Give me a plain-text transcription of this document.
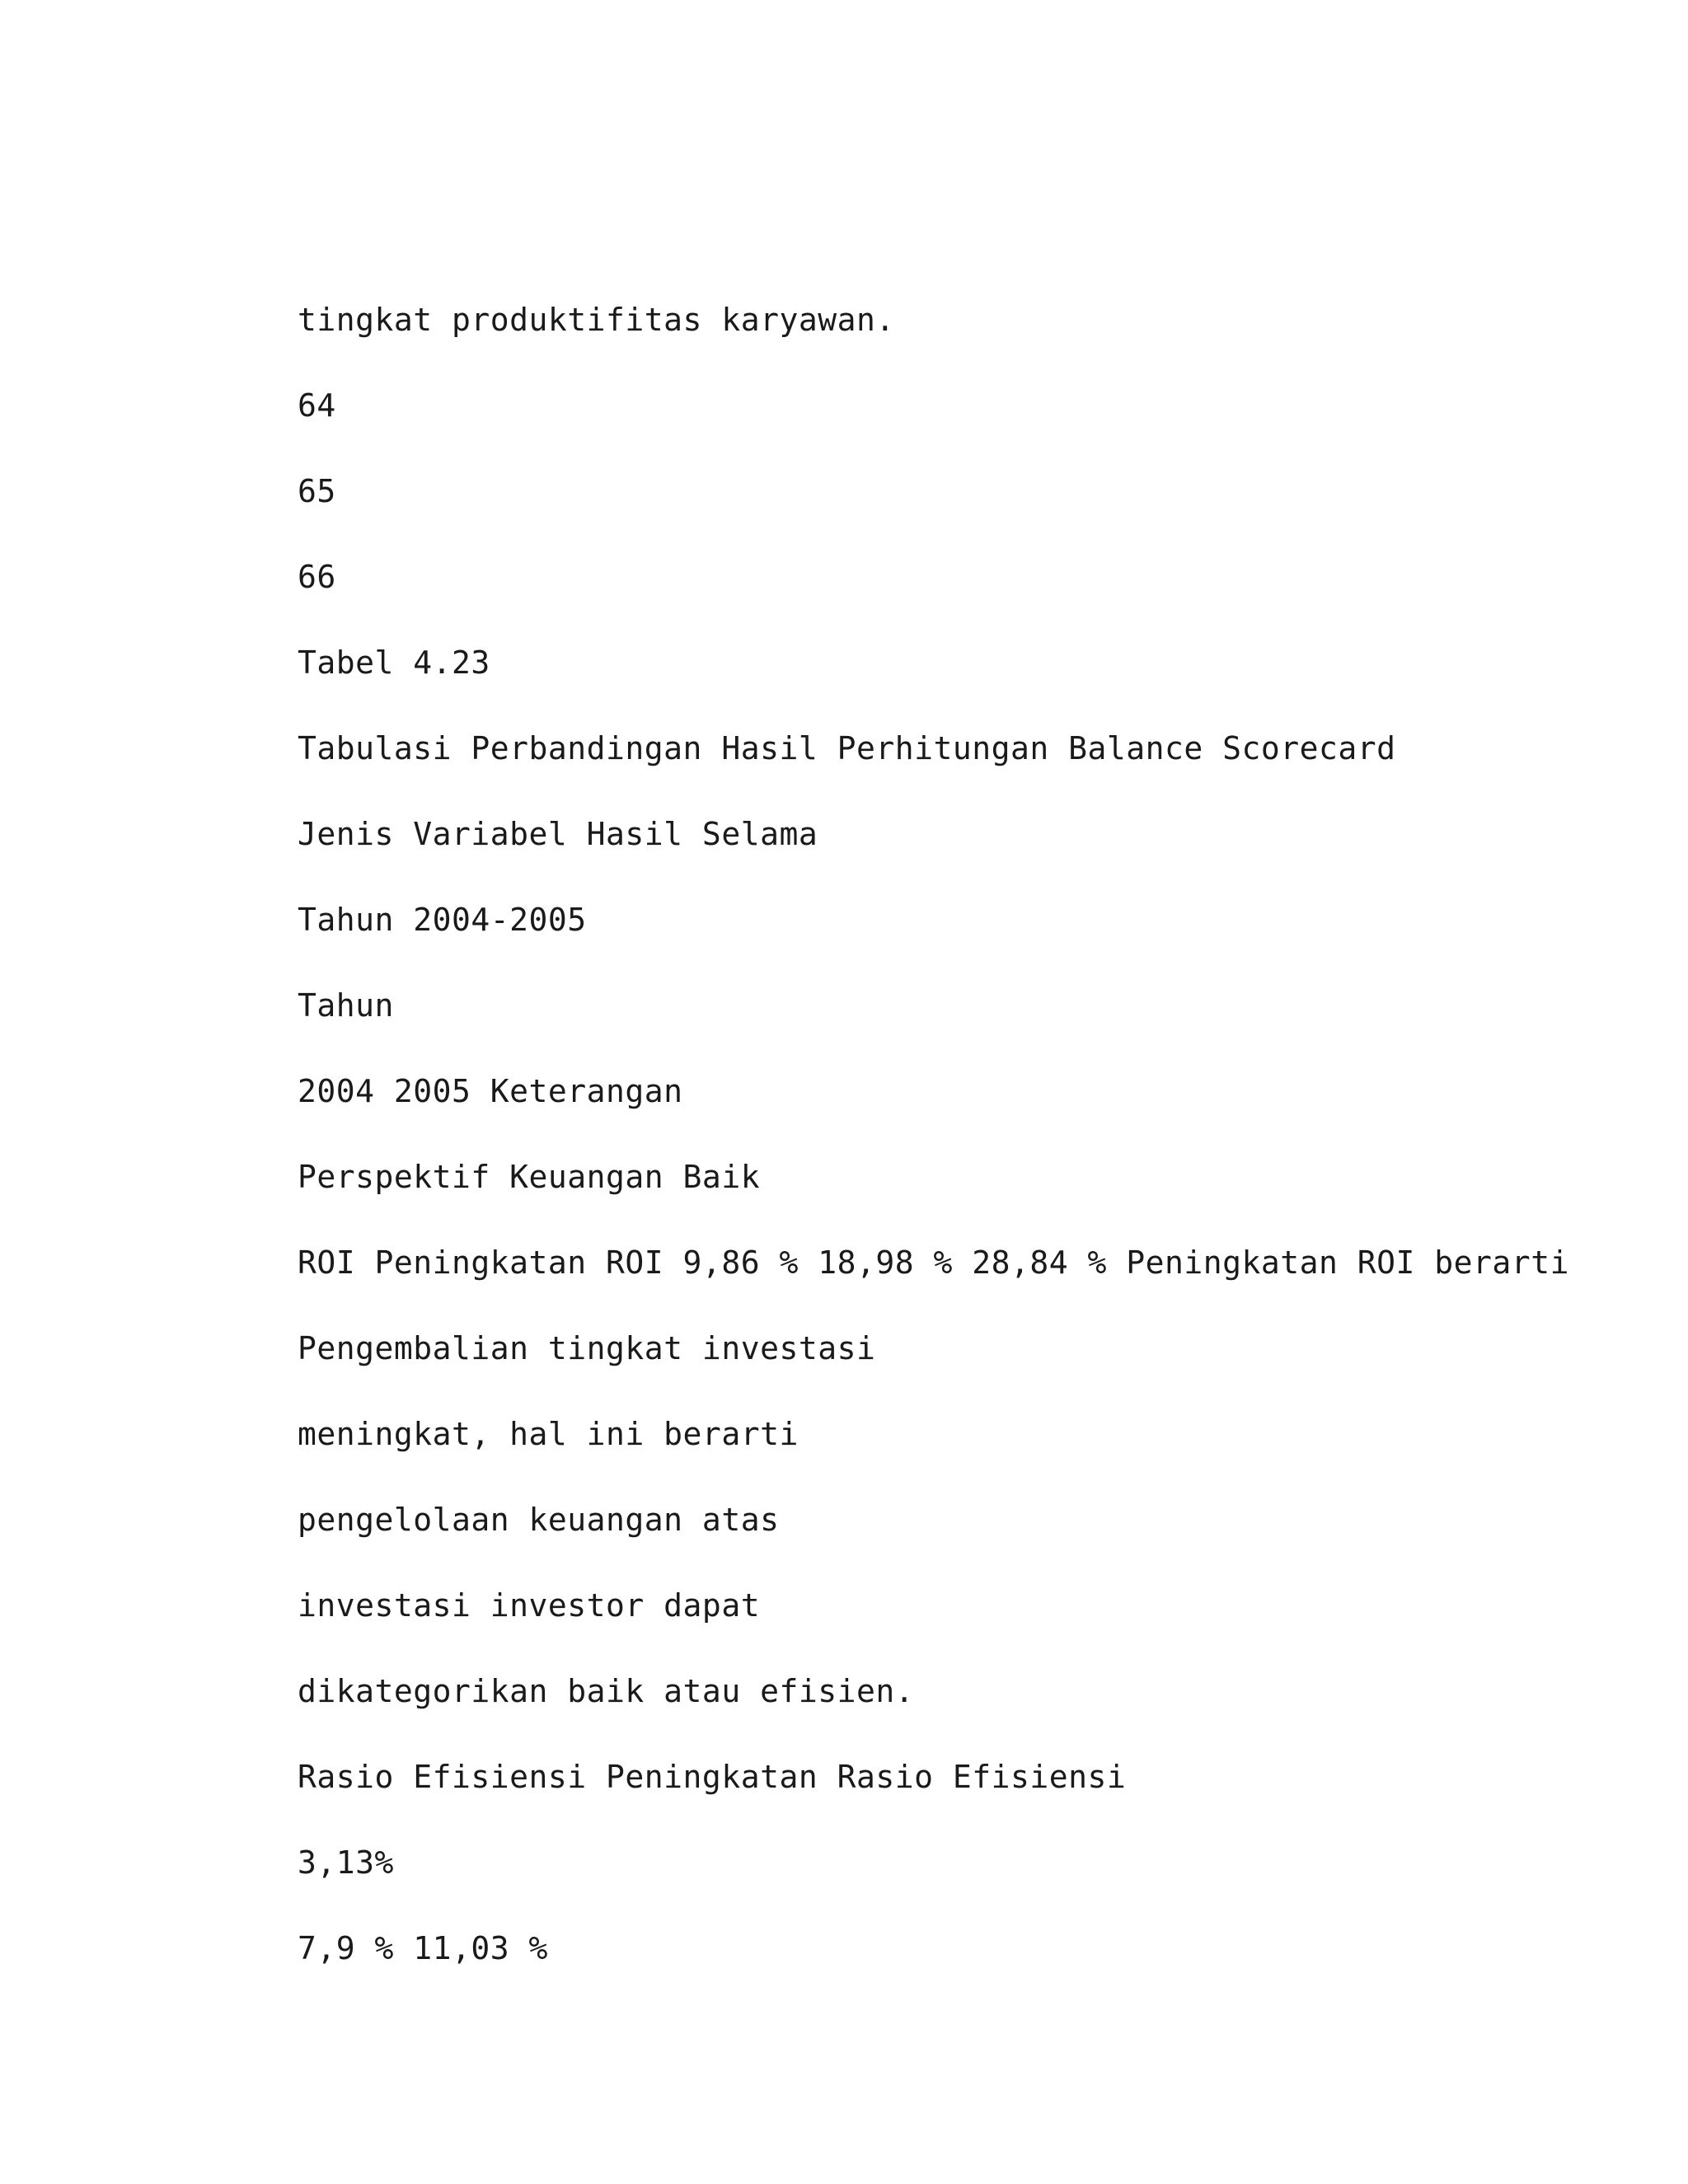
tingkat produktifitas karyawan.
64
65
66
Tabel 4.23
Tabulasi Perbandingan Hasil Perhitungan Balance Scorecard
Jenis Variabel Hasil Selama
Tahun 2004-2005
Tahun
2004 2005 Keterangan
Perspektif Keuangan Baik
ROI Peningkatan ROI 9,86 % 18,98 % 28,84 % Peningkatan ROI berarti
Pengembalian tingkat investasi
meningkat, hal ini berarti
pengelolaan keuangan atas
investasi investor dapat
dikategorikan baik atau efisien.
Rasio Efisiensi Peningkatan Rasio Efisiensi
3,13%
7,9 % 11,03 %
